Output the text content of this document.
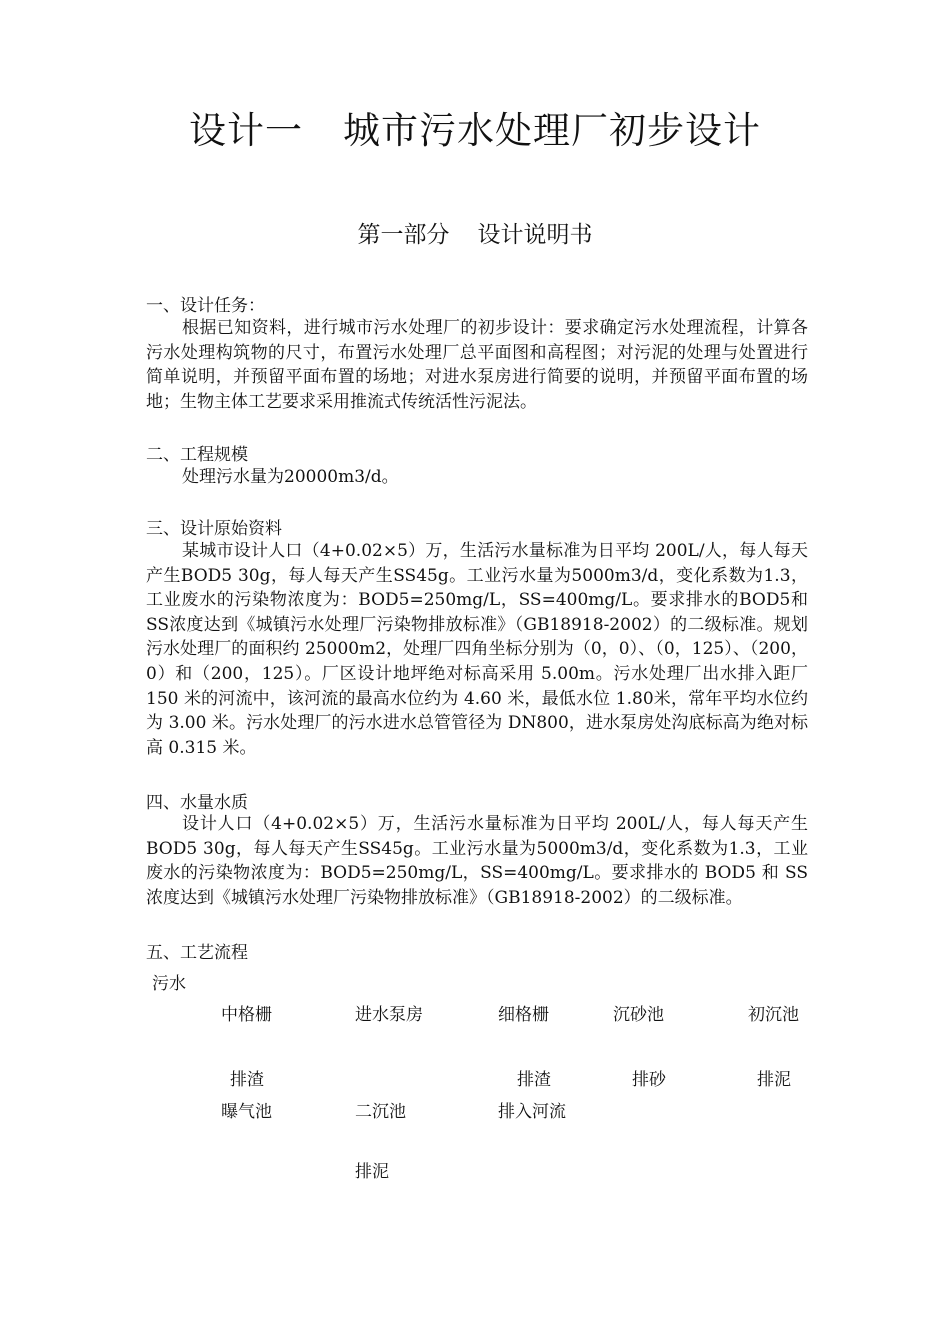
设计一 城市污水处理厂初步设计
第一部分 设计说明书
一、设计任务：
根据已知资料，进行城市污水处理厂的初步设计：要求确定污水处理流程，计算各污水处理构筑物的尺寸，布置污水处理厂总平面图和高程图；对污泥的处理与处置进行简单说明，并预留平面布置的场地；对进水泵房进行简要的说明，并预留平面布置的场地；生物主体工艺要求采用推流式传统活性污泥法。
二、工程规模
处理污水量为20000m3/d。
三、设计原始资料
某城市设计人口（4+0.02×5）万，生活污水量标准为日平均 200L/人，每人每天产生BOD5 30g，每人每天产生SS45g。工业污水量为5000m3/d，变化系数为1.3，工业废水的污染物浓度为：BOD5=250mg/L，SS=400mg/L。要求排水的BOD5和SS浓度达到《城镇污水处理厂污染物排放标准》（GB18918-2002）的二级标准。规划污水处理厂的面积约 25000m2，处理厂四角坐标分别为（0，0）、（0，125）、（200，0）和（200，125）。厂区设计地坪绝对标高采用 5.00m。污水处理厂出水排入距厂 150 米的河流中，该河流的最高水位约为 4.60 米，最低水位 1.80米，常年平均水位约为 3.00 米。污水处理厂的污水进水总管管径为 DN800，进水泵房处沟底标高为绝对标高 0.315 米。
四、水量水质
设计人口（4+0.02×5）万，生活污水量标准为日平均 200L/人，每人每天产生BOD5 30g，每人每天产生SS45g。工业污水量为5000m3/d，变化系数为1.3，工业废水的污染物浓度为：BOD5=250mg/L，SS=400mg/L。要求排水的 BOD5 和 SS 浓度达到《城镇污水处理厂污染物排放标准》（GB18918-2002）的二级标准。
五、工艺流程
污水
中格栅	进水泵房	细格栅	沉砂池	初沉池
排渣	排渣	排砂	排泥
曝气池	二沉池	排入河流
排泥
